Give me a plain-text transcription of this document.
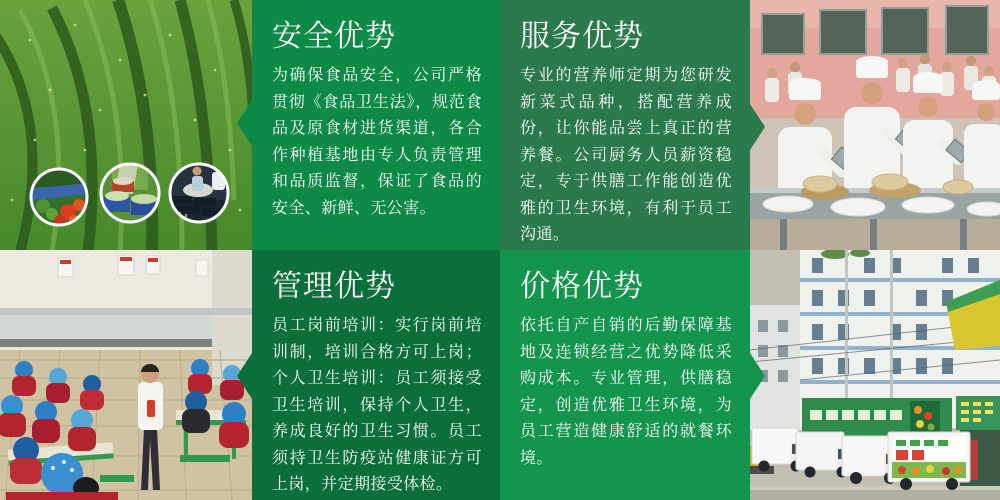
安全优势

为确保食品安全，公司严格贯彻《食品卫生法》，规范食品及原食材进货渠道，各合作种植基地由专人负责管理和品质监督，保证了食品的安全、新鲜、无公害。

服务优势

专业的营养师定期为您研发新菜式品种，搭配营养成份，让你能品尝上真正的营养餐。公司厨务人员薪资稳定，专于供膳工作能创造优雅的卫生环境，有利于员工沟通。

管理优势

员工岗前培训：实行岗前培训制，培训合格方可上岗；个人卫生培训：员工须接受卫生培训，保持个人卫生，养成良好的卫生习惯。员工须持卫生防疫站健康证方可上岗，并定期接受体检。

价格优势

依托自产自销的后勤保障基地及连锁经营之优势降低采购成本。专业管理，供膳稳定，创造优雅卫生环境，为员工营造健康舒适的就餐环境。
